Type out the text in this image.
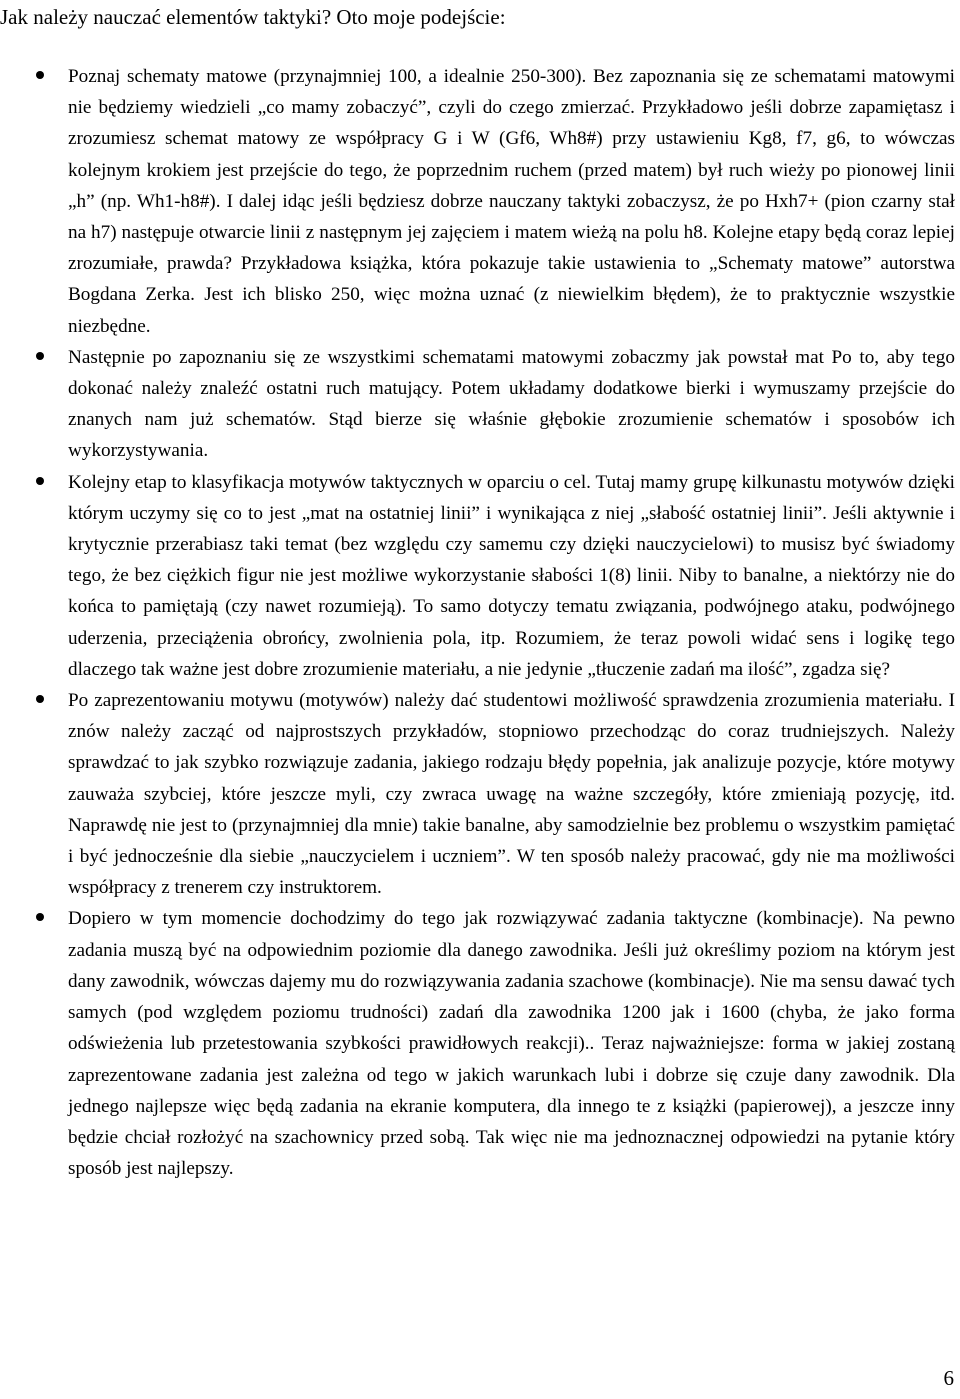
Jak należy nauczać elementów taktyki? Oto moje podejście:
Poznaj schematy matowe (przynajmniej 100, a idealnie 250-300). Bez zapoznania się ze schematami matowymi nie będziemy wiedzieli „co mamy zobaczyć”, czyli do czego zmierzać. Przykładowo jeśli dobrze zapamiętasz i zrozumiesz schemat matowy ze współpracy G i W (Gf6, Wh8#) przy ustawieniu Kg8, f7, g6, to wówczas kolejnym krokiem jest przejście do tego, że poprzednim ruchem (przed matem) był ruch wieży po pionowej linii „h” (np. Wh1-h8#). I dalej idąc jeśli będziesz dobrze nauczany taktyki zobaczysz, że po Hxh7+ (pion czarny stał na h7) następuje otwarcie linii z następnym jej zajęciem i matem wieżą na polu h8. Kolejne etapy będą coraz lepiej zrozumiałe, prawda? Przykładowa książka, która pokazuje takie ustawienia to „Schematy matowe” autorstwa Bogdana Zerka. Jest ich blisko 250, więc można uznać (z niewielkim błędem), że to praktycznie wszystkie niezbędne.
Następnie po zapoznaniu się ze wszystkimi schematami matowymi zobaczmy jak powstał mat Po to, aby tego dokonać należy znaleźć ostatni ruch matujący. Potem układamy dodatkowe bierki i wymuszamy przejście do znanych nam już schematów. Stąd bierze się właśnie głębokie zrozumienie schematów i sposobów ich wykorzystywania.
Kolejny etap to klasyfikacja motywów taktycznych w oparciu o cel. Tutaj mamy grupę kilkunastu motywów dzięki którym uczymy się co to jest „mat na ostatniej linii” i wynikająca z niej „słabość ostatniej linii”. Jeśli aktywnie i krytycznie przerabiasz taki temat (bez względu czy samemu czy dzięki nauczycielowi) to musisz być świadomy tego, że bez ciężkich figur nie jest możliwe wykorzystanie słabości 1(8) linii. Niby to banalne, a niektórzy nie do końca to pamiętają (czy nawet rozumieją). To samo dotyczy tematu związania, podwójnego ataku, podwójnego uderzenia, przeciążenia obrońcy, zwolnienia pola, itp. Rozumiem, że teraz powoli widać sens i logikę tego dlaczego tak ważne jest dobre zrozumienie materiału, a nie jedynie „tłuczenie zadań ma ilość”, zgadza się?
Po zaprezentowaniu motywu (motywów) należy dać studentowi możliwość sprawdzenia zrozumienia materiału. I znów należy zacząć od najprostszych przykładów, stopniowo przechodząc do coraz trudniejszych. Należy sprawdzać to jak szybko rozwiązuje zadania, jakiego rodzaju błędy popełnia, jak analizuje pozycje, które motywy zauważa szybciej, które jeszcze myli, czy zwraca uwagę na ważne szczegóły, które zmieniają pozycję, itd. Naprawdę nie jest to (przynajmniej dla mnie) takie banalne, aby samodzielnie bez problemu o wszystkim pamiętać i być jednocześnie dla siebie „nauczycielem i uczniem”. W ten sposób należy pracować, gdy nie ma możliwości współpracy z trenerem czy instruktorem.
Dopiero w tym momencie dochodzimy do tego jak rozwiązywać zadania taktyczne (kombinacje). Na pewno zadania muszą być na odpowiednim poziomie dla danego zawodnika. Jeśli już określimy poziom na którym jest dany zawodnik, wówczas dajemy mu do rozwiązywania zadania szachowe (kombinacje). Nie ma sensu dawać tych samych (pod względem poziomu trudności) zadań dla zawodnika 1200 jak i 1600 (chyba, że jako forma odświeżenia lub przetestowania szybkości prawidłowych reakcji).. Teraz najważniejsze: forma w jakiej zostaną zaprezentowane zadania jest zależna od tego w jakich warunkach lubi i dobrze się czuje dany zawodnik. Dla jednego najlepsze więc będą zadania na ekranie komputera, dla innego te z książki (papierowej), a jeszcze inny będzie chciał rozłożyć na szachownicy przed sobą. Tak więc nie ma jednoznacznej odpowiedzi na pytanie który sposób jest najlepszy.
6
